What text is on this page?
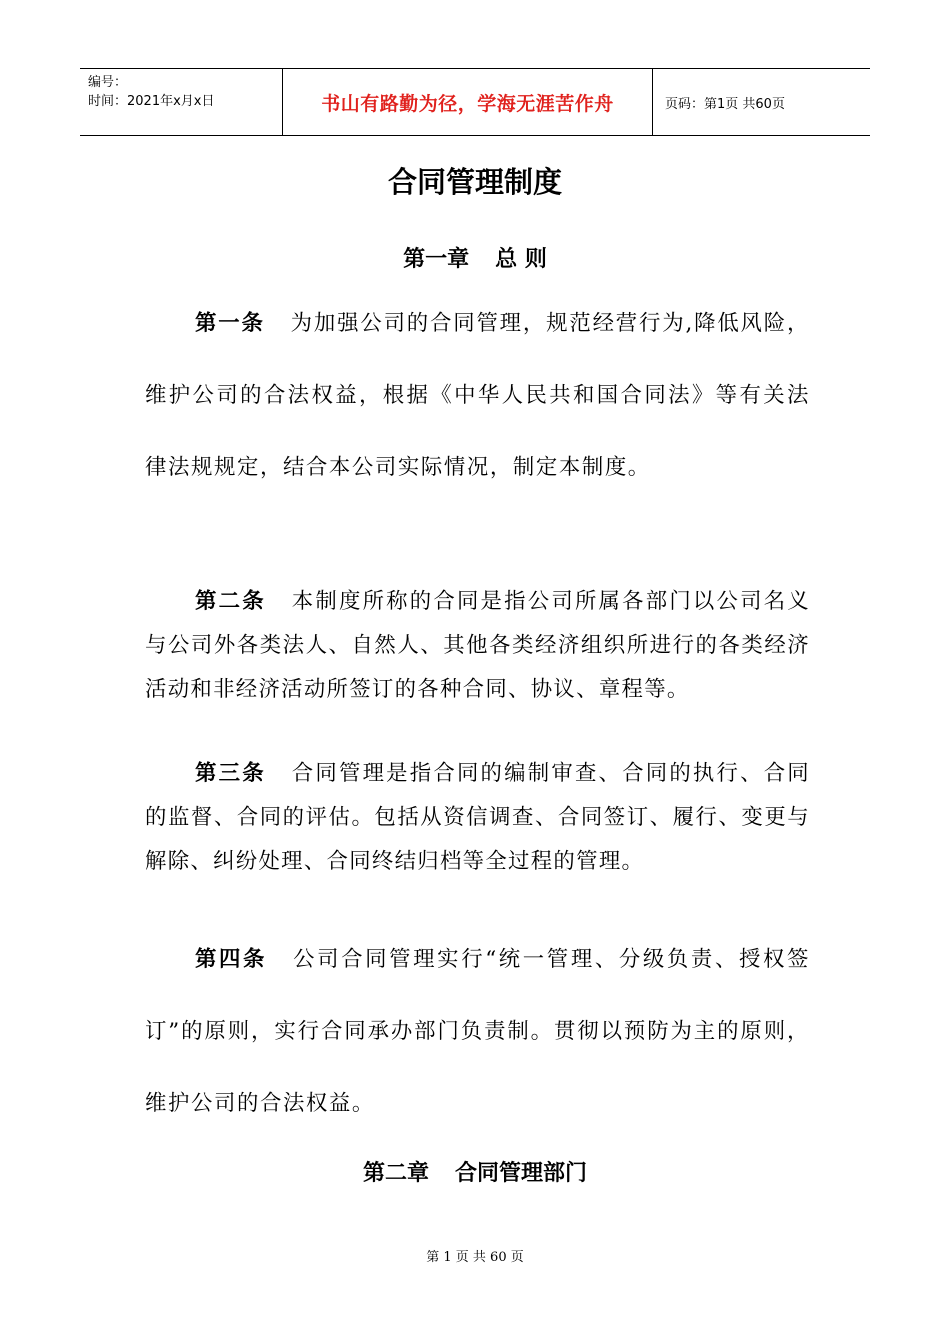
编号：
时间：2021年x月x日	书山有路勤为径，学海无涯苦作舟	页码：第1页 共60页
合同管理制度
第一章 总 则
第一条 为加强公司的合同管理，规范经营行为,降低风险，维护公司的合法权益，根据《中华人民共和国合同法》等有关法律法规规定，结合本公司实际情况，制定本制度。
第二条 本制度所称的合同是指公司所属各部门以公司名义与公司外各类法人、自然人、其他各类经济组织所进行的各类经济活动和非经济活动所签订的各种合同、协议、章程等。
第三条 合同管理是指合同的编制审查、合同的执行、合同的监督、合同的评估。包括从资信调查、合同签订、履行、变更与解除、纠纷处理、合同终结归档等全过程的管理。
第四条 公司合同管理实行“统一管理、分级负责、授权签订”的原则，实行合同承办部门负责制。贯彻以预防为主的原则，维护公司的合法权益。
第二章 合同管理部门
第 1 页 共 60 页
